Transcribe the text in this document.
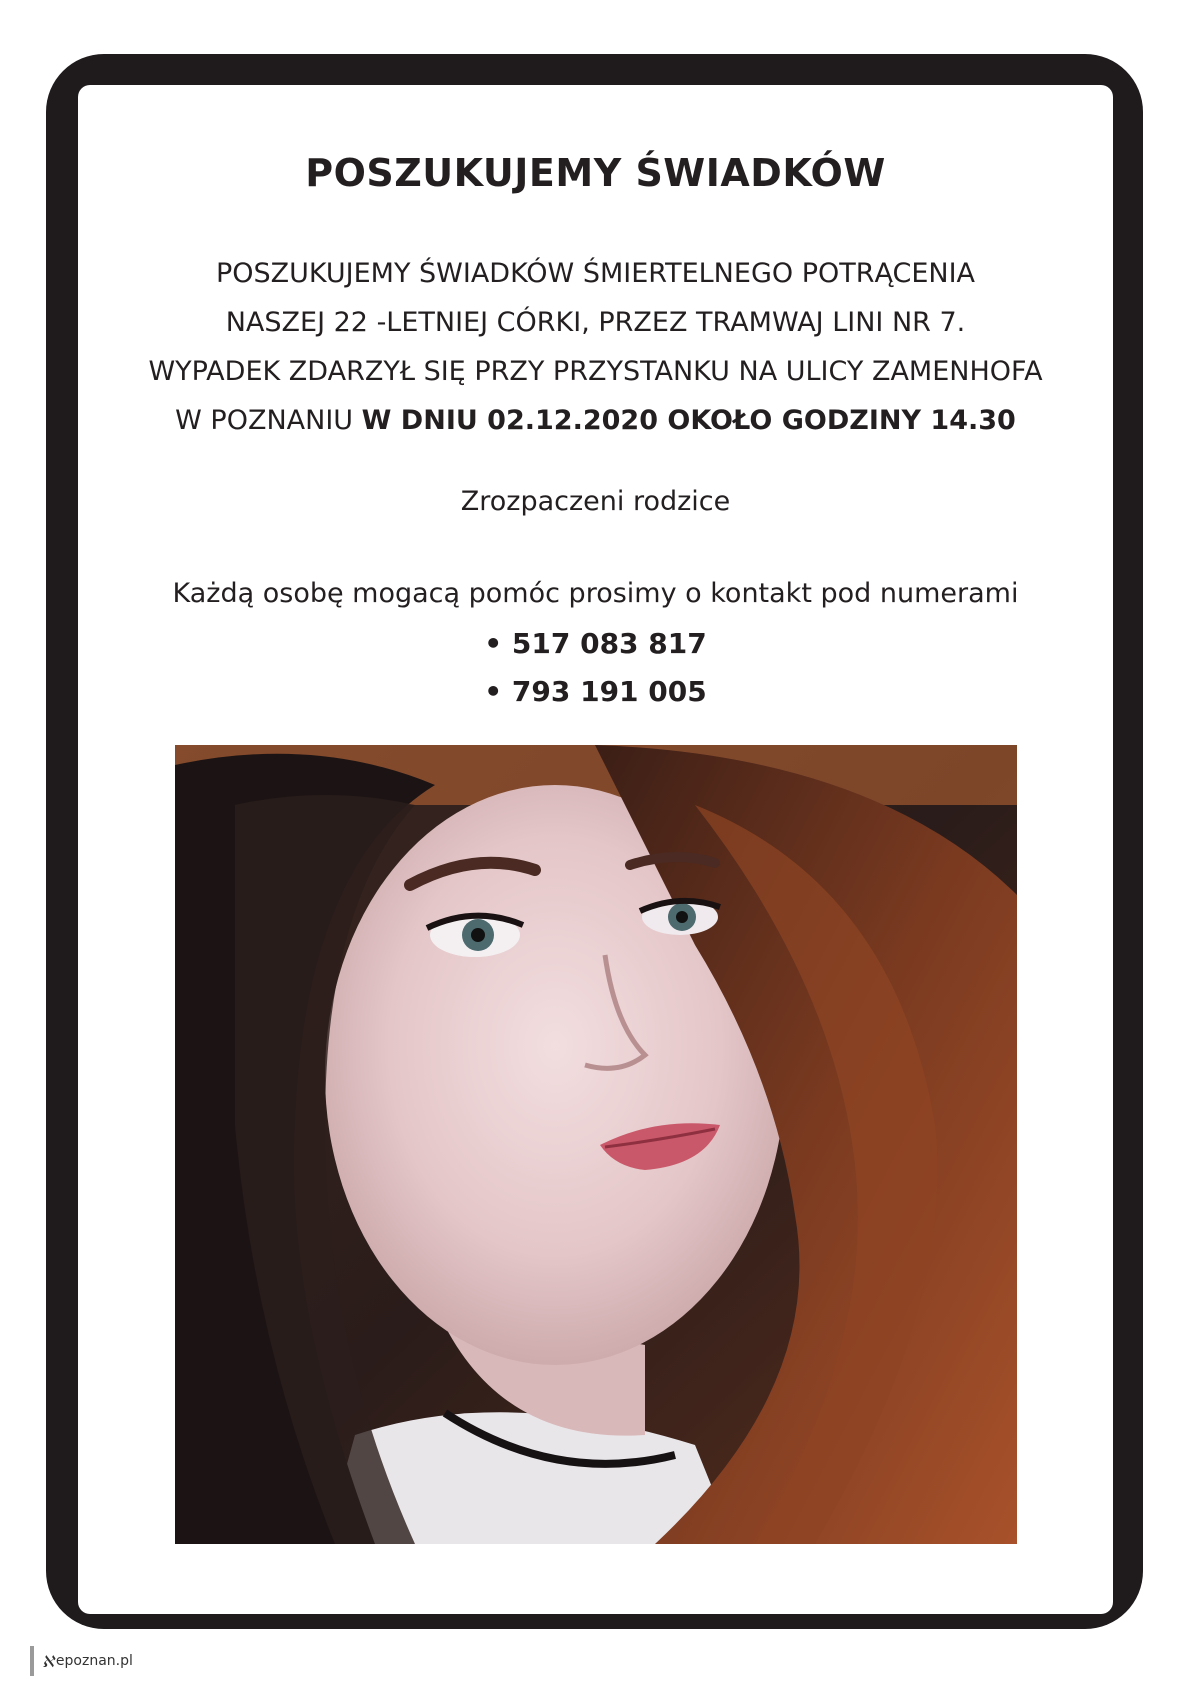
POSZUKUJEMY ŚWIADKÓW
POSZUKUJEMY ŚWIADKÓW ŚMIERTELNEGO POTRĄCENIA
NASZEJ 22 -LETNIEJ CÓRKI, PRZEZ TRAMWAJ LINI NR 7.
WYPADEK ZDARZYŁ SIĘ PRZY PRZYSTANKU NA ULICY ZAMENHOFA
W POZNANIU W DNIU 02.12.2020 OKOŁO GODZINY 14.30
Zrozpaczeni rodzice
Każdą osobę mogacą pomóc prosimy o kontakt pod numerami
• 517 083 817
• 793 191 005
ℵ epoznan.pl
